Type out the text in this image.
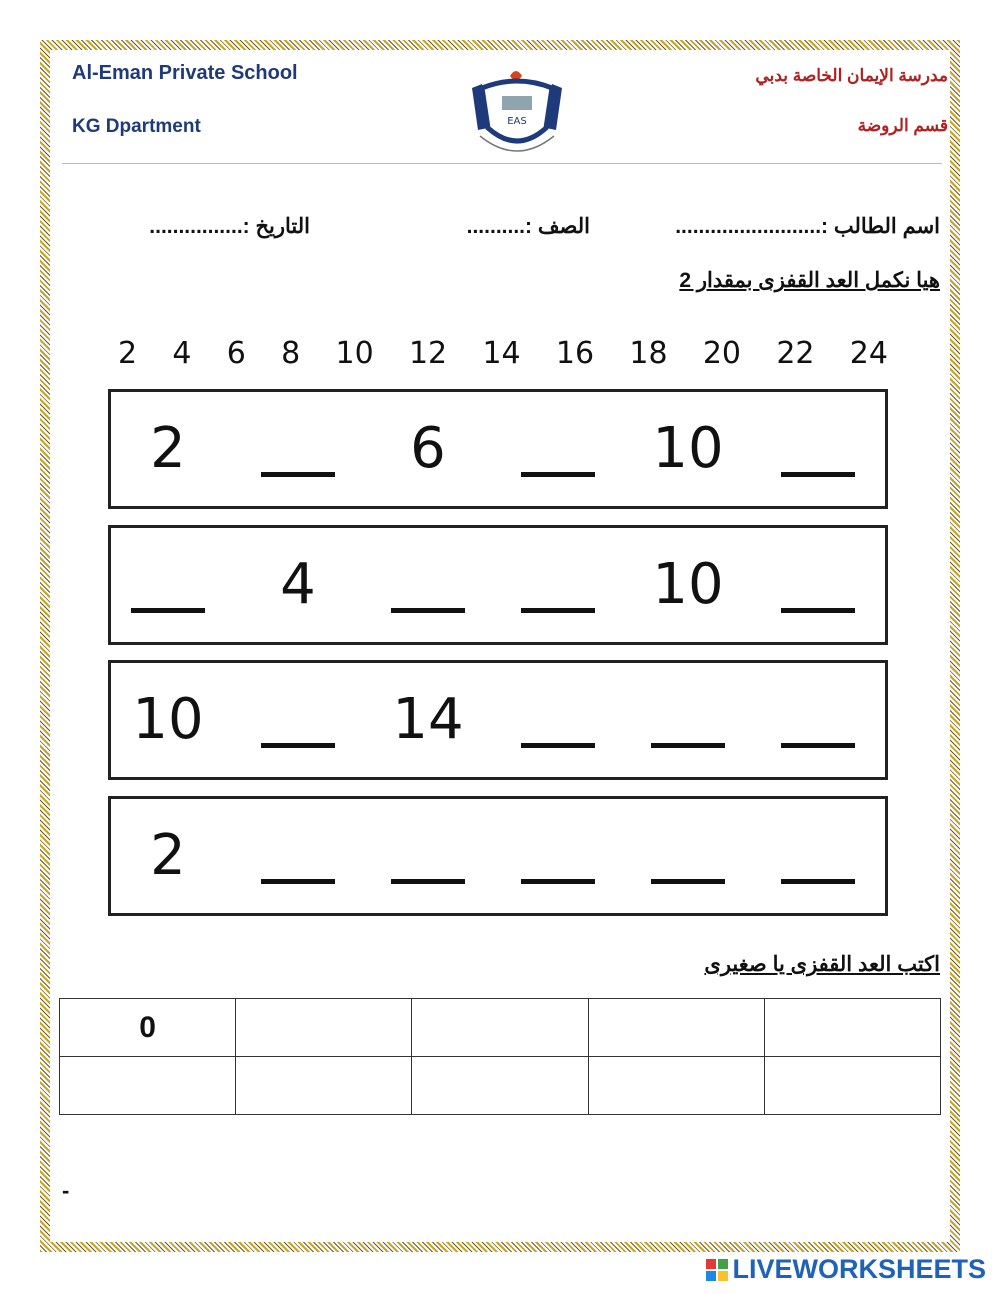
Al-Eman Private School
KG Dpartment
مدرسة الإيمان الخاصة بدبي
قسم الروضة
EAS
اسم الطالب :.........................
الصف :..........
التاريخ :................
هيا نكمل العد القفزى بمقدار 2
2 4 6 8 10 12 14 16 18 20 22 24
2	6	10
4	10
10	14
2
اكتب العد القفزى يا صغيرى
0				

-
LIVEWORKSHEETS
